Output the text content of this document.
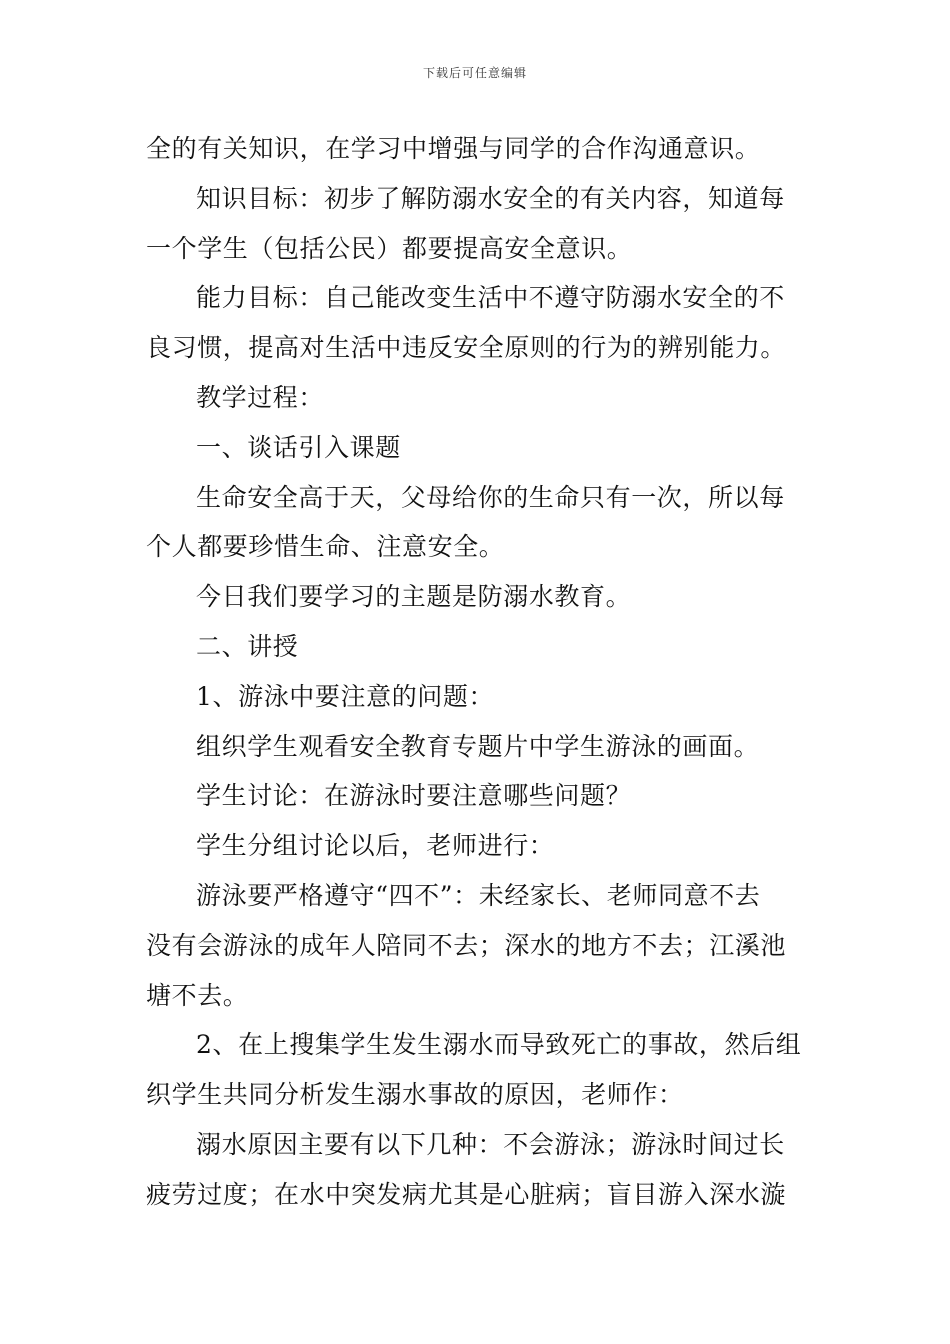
下载后可任意编辑
全的有关知识，在学习中增强与同学的合作沟通意识。
知识目标：初步了解防溺水安全的有关内容，知道每
一个学生（包括公民）都要提高安全意识。
能力目标：自己能改变生活中不遵守防溺水安全的不
良习惯，提高对生活中违反安全原则的行为的辨别能力。
教学过程：
一、谈话引入课题
生命安全高于天，父母给你的生命只有一次，所以每
个人都要珍惜生命、注意安全。
今日我们要学习的主题是防溺水教育。
二、讲授
1、游泳中要注意的问题：
组织学生观看安全教育专题片中学生游泳的画面。
学生讨论：在游泳时要注意哪些问题？
学生分组讨论以后，老师进行：
游泳要严格遵守“四不”：未经家长、老师同意不去
没有会游泳的成年人陪同不去；深水的地方不去；江溪池
塘不去。
2、在上搜集学生发生溺水而导致死亡的事故，然后组
织学生共同分析发生溺水事故的原因，老师作：
溺水原因主要有以下几种：不会游泳；游泳时间过长
疲劳过度；在水中突发病尤其是心脏病；盲目游入深水漩
